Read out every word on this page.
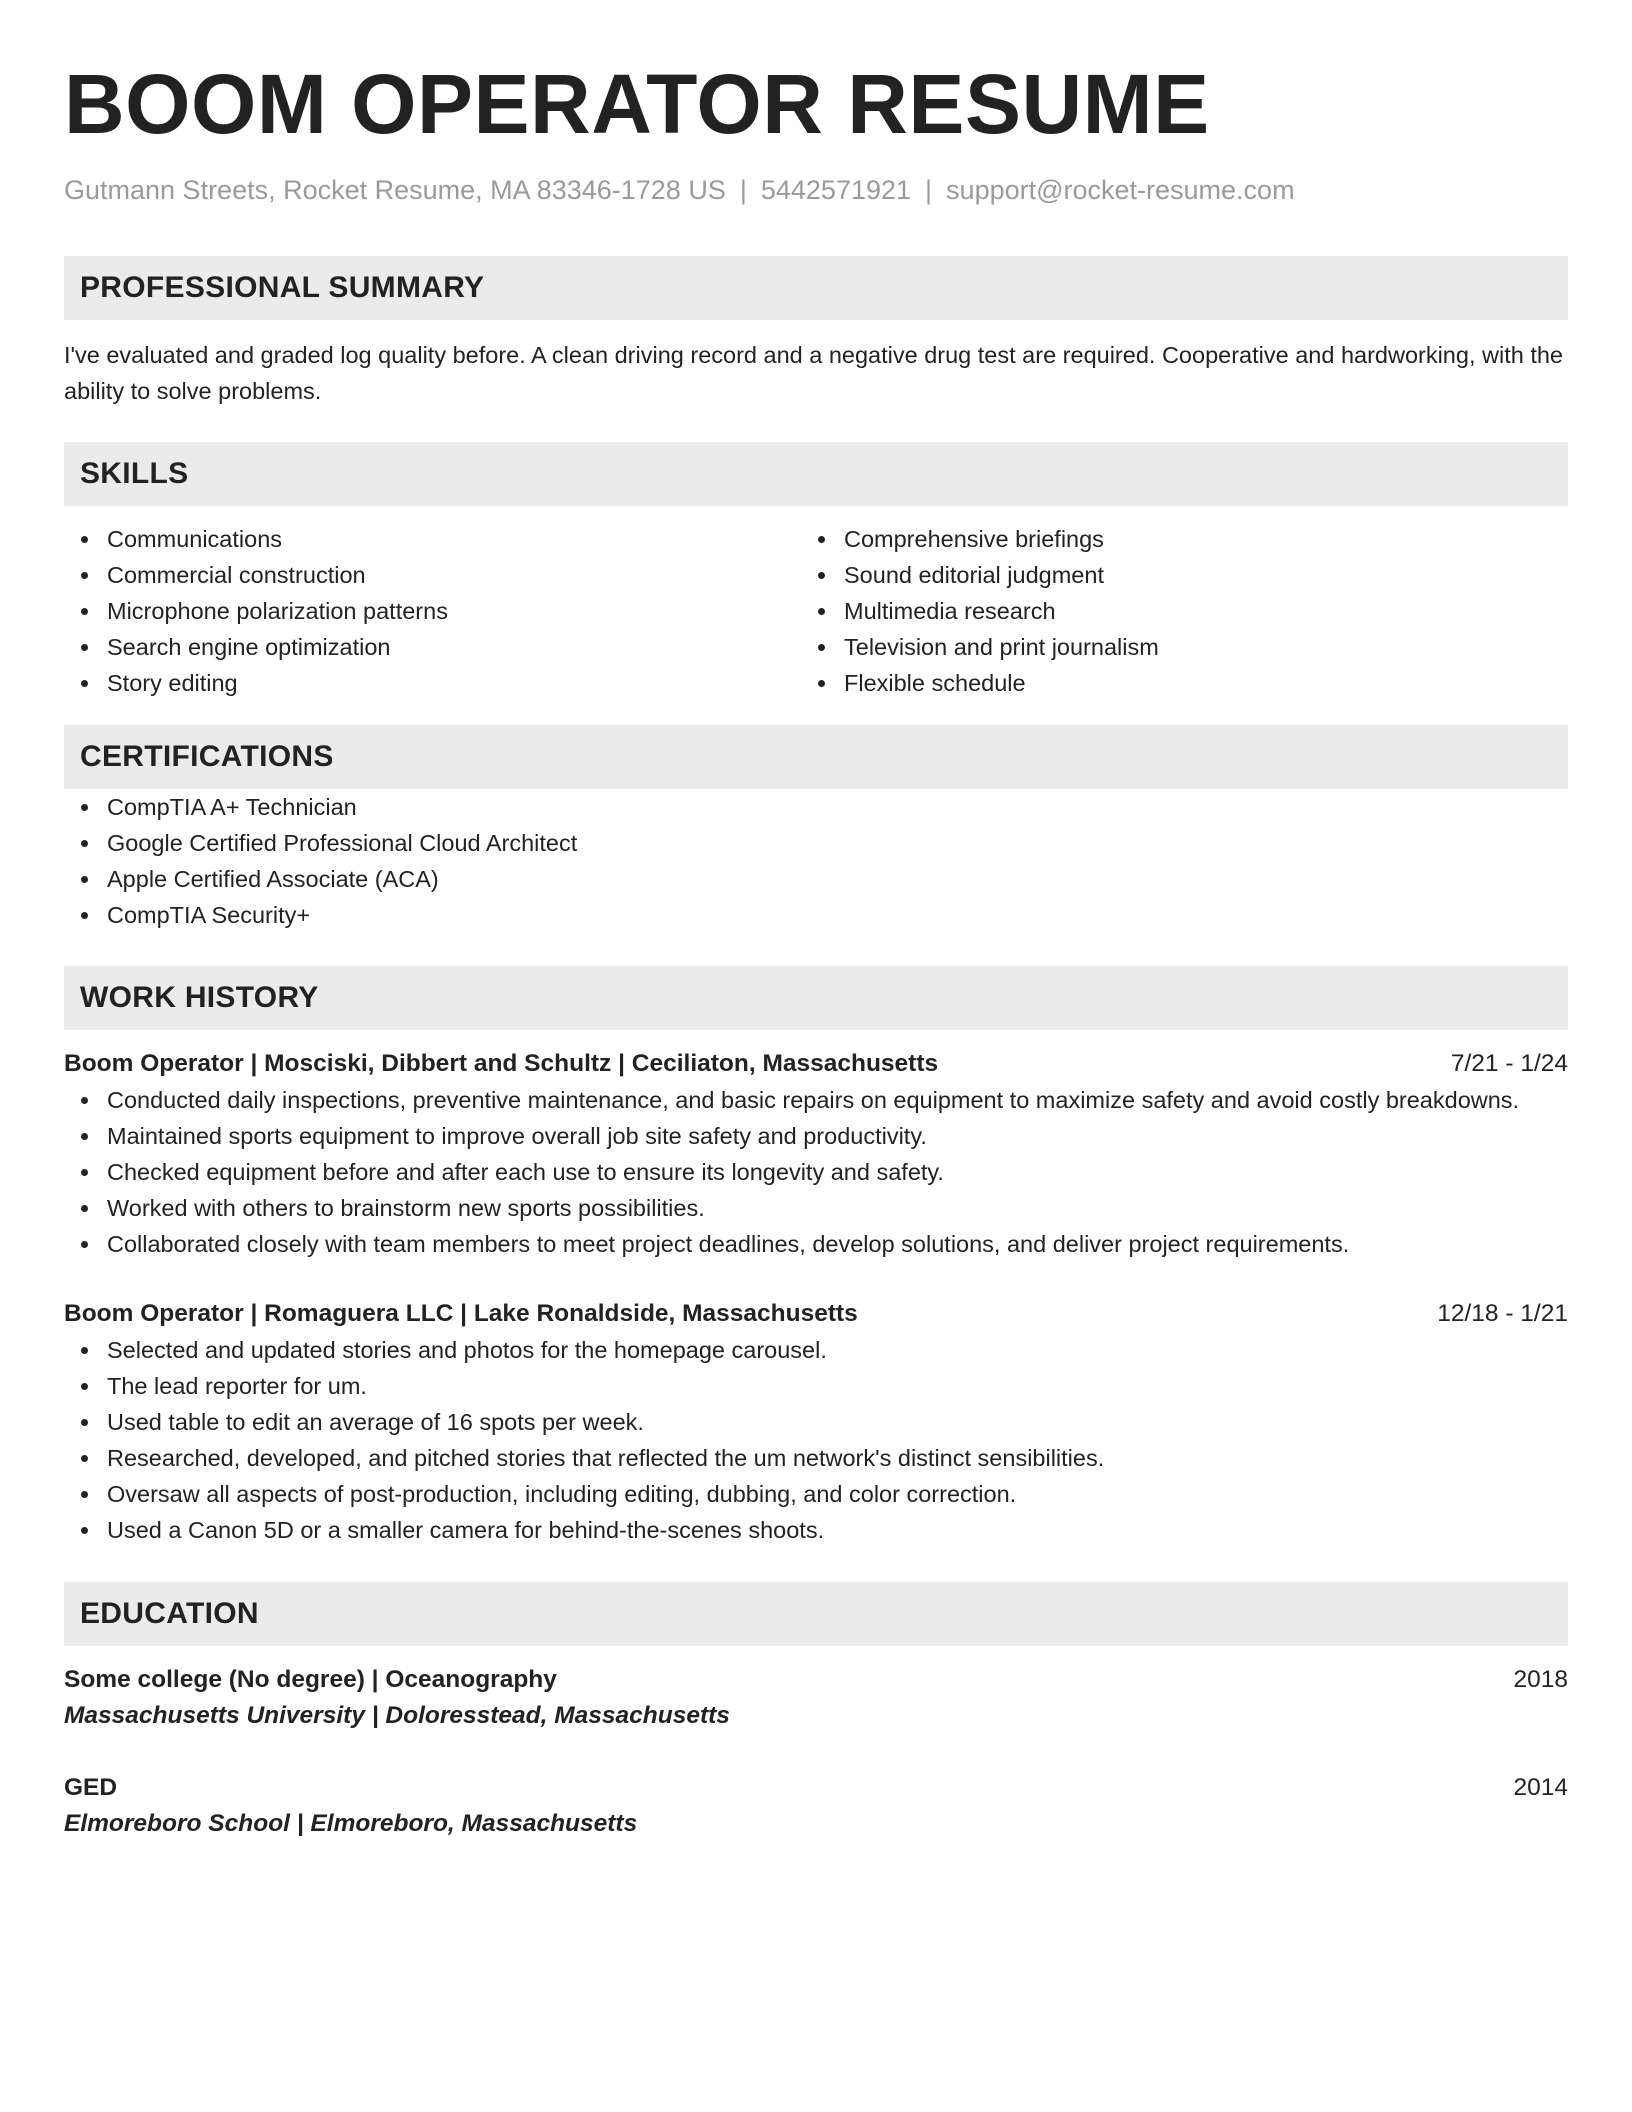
BOOM OPERATOR RESUME
Gutmann Streets, Rocket Resume, MA 83346-1728 US | 5442571921 | support@rocket-resume.com
PROFESSIONAL SUMMARY
I've evaluated and graded log quality before. A clean driving record and a negative drug test are required. Cooperative and hardworking, with the ability to solve problems.
SKILLS
Communications
Commercial construction
Microphone polarization patterns
Search engine optimization
Story editing
Comprehensive briefings
Sound editorial judgment
Multimedia research
Television and print journalism
Flexible schedule
CERTIFICATIONS
CompTIA A+ Technician
Google Certified Professional Cloud Architect
Apple Certified Associate (ACA)
CompTIA Security+
WORK HISTORY
Boom Operator | Mosciski, Dibbert and Schultz | Ceciliaton, Massachusetts	7/21 - 1/24
Conducted daily inspections, preventive maintenance, and basic repairs on equipment to maximize safety and avoid costly breakdowns.
Maintained sports equipment to improve overall job site safety and productivity.
Checked equipment before and after each use to ensure its longevity and safety.
Worked with others to brainstorm new sports possibilities.
Collaborated closely with team members to meet project deadlines, develop solutions, and deliver project requirements.
Boom Operator | Romaguera LLC | Lake Ronaldside, Massachusetts	12/18 - 1/21
Selected and updated stories and photos for the homepage carousel.
The lead reporter for um.
Used table to edit an average of 16 spots per week.
Researched, developed, and pitched stories that reflected the um network's distinct sensibilities.
Oversaw all aspects of post-production, including editing, dubbing, and color correction.
Used a Canon 5D or a smaller camera for behind-the-scenes shoots.
EDUCATION
Some college (No degree) | Oceanography	2018
Massachusetts University | Doloresstead, Massachusetts
GED	2014
Elmoreboro School | Elmoreboro, Massachusetts
